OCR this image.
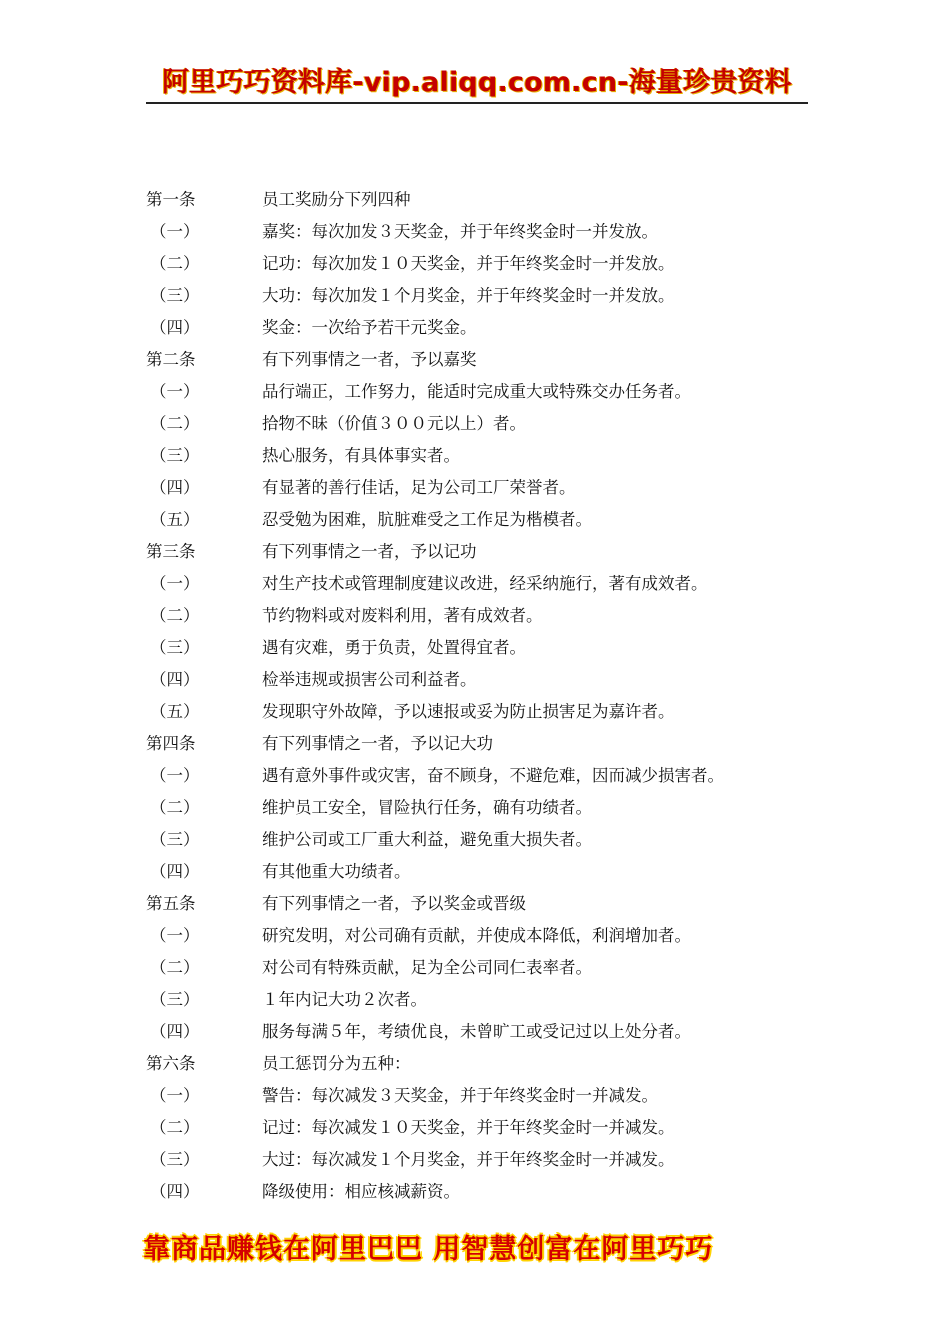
阿里巧巧资料库-vip.aliqq.com.cn-海量珍贵资料
第一条	员工奖励分下列四种
（一）	嘉奖：每次加发３天奖金，并于年终奖金时一并发放。
（二）	记功：每次加发１０天奖金，并于年终奖金时一并发放。
（三）	大功：每次加发１个月奖金，并于年终奖金时一并发放。
（四）	奖金：一次给予若干元奖金。
第二条	有下列事情之一者，予以嘉奖
（一）	品行端正，工作努力，能适时完成重大或特殊交办任务者。
（二）	拾物不昧（价值３００元以上）者。
（三）	热心服务，有具体事实者。
（四）	有显著的善行佳话，足为公司工厂荣誉者。
（五）	忍受勉为困难，肮脏难受之工作足为楷模者。
第三条	有下列事情之一者，予以记功
（一）	对生产技术或管理制度建议改进，经采纳施行，著有成效者。
（二）	节约物料或对废料利用，著有成效者。
（三）	遇有灾难，勇于负责，处置得宜者。
（四）	检举违规或损害公司利益者。
（五）	发现职守外故障，予以速报或妥为防止损害足为嘉许者。
第四条	有下列事情之一者，予以记大功
（一）	遇有意外事件或灾害，奋不顾身，不避危难，因而减少损害者。
（二）	维护员工安全，冒险执行任务，确有功绩者。
（三）	维护公司或工厂重大利益，避免重大损失者。
（四）	有其他重大功绩者。
第五条	有下列事情之一者，予以奖金或晋级
（一）	研究发明，对公司确有贡献，并使成本降低，利润增加者。
（二）	对公司有特殊贡献，足为全公司同仁表率者。
（三）	１年内记大功２次者。
（四）	服务每满５年，考绩优良，未曾旷工或受记过以上处分者。
第六条	员工惩罚分为五种：
（一）	警告：每次减发３天奖金，并于年终奖金时一并减发。
（二）	记过：每次减发１０天奖金，并于年终奖金时一并减发。
（三）	大过：每次减发１个月奖金，并于年终奖金时一并减发。
（四）	降级使用：相应核减薪资。
靠商品赚钱在阿里巴巴 用智慧创富在阿里巧巧
